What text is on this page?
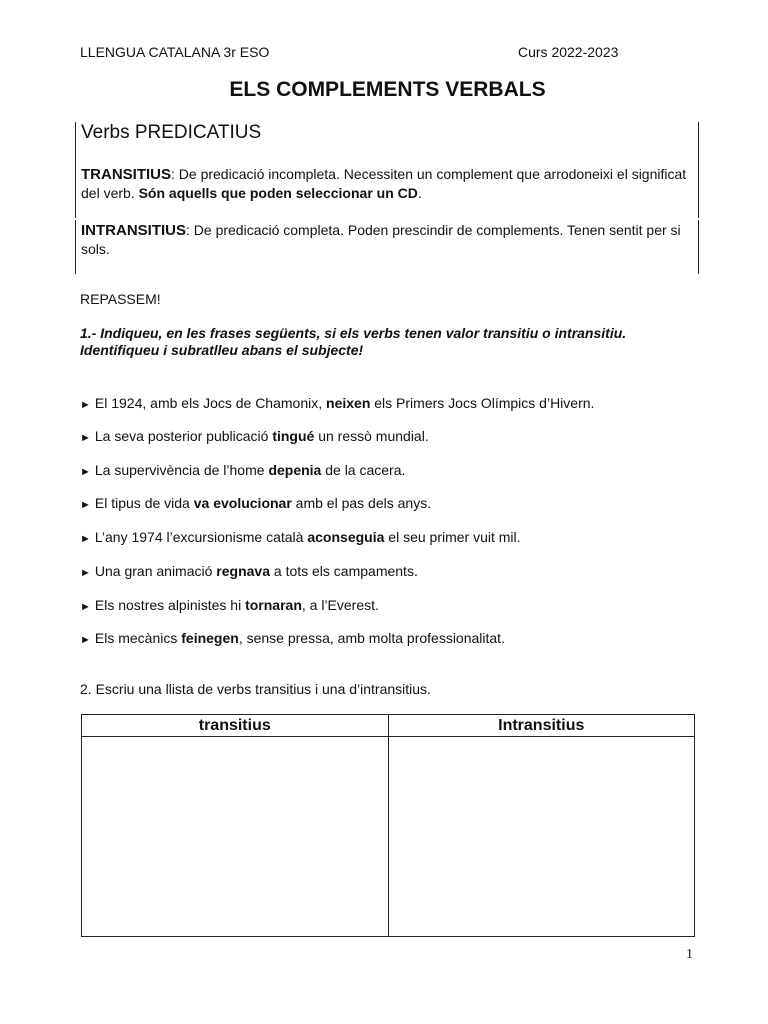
LLENGUA CATALANA 3r ESO	Curs 2022-2023
ELS COMPLEMENTS VERBALS
Verbs PREDICATIUS
TRANSITIUS: De predicació incompleta. Necessiten un complement que arrodoneixi el significat del verb. Són aquells que poden seleccionar un CD.
INTRANSITIUS: De predicació completa. Poden prescindir de complements. Tenen sentit per si sols.
REPASSEM!
1.- Indiqueu, en les frases següents, si els verbs tenen valor transitiu o intransitiu. Identifiqueu i subratlleu abans el subjecte!
► El 1924, amb els Jocs de Chamonix, neixen els Primers Jocs Olímpics d’Hivern.
► La seva posterior publicació tingué un ressò mundial.
► La supervivència de l’home depenia de la cacera.
► El tipus de vida va evolucionar amb el pas dels anys.
► L’any 1974 l’excursionisme català aconseguia el seu primer vuit mil.
► Una gran animació regnava a tots els campaments.
► Els nostres alpinistes hi tornaran, a l’Everest.
► Els mecànics feinegen, sense pressa, amb molta professionalitat.
2. Escriu una llista de verbs transitius i una d’intransitius.
transitius	Intransitius

1
